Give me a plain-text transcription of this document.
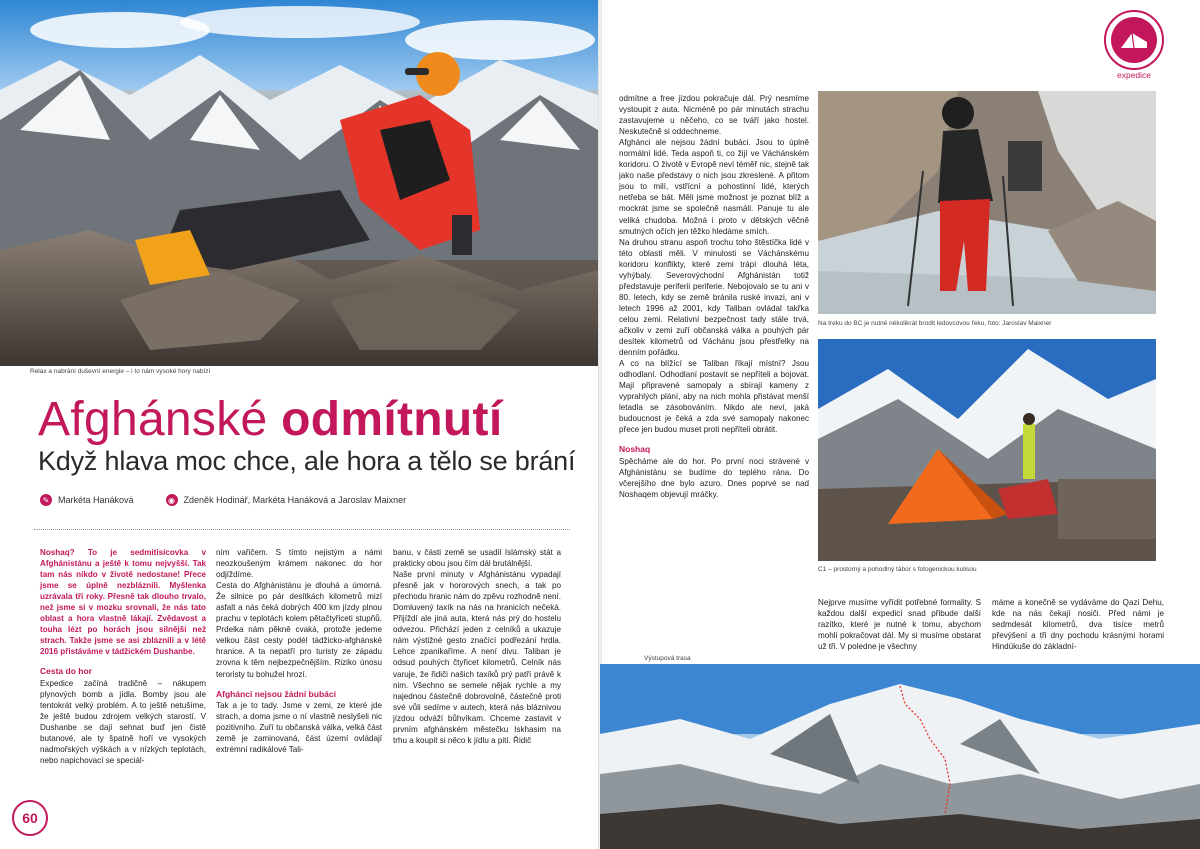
Relax a nabrání duševní energie – i to nám vysoké hory nabízí
Afghánské odmítnutí
Když hlava moc chce, ale hora a tělo se brání
✎ Markéta Hanáková	◉ Zdeněk Hodinář, Markéta Hanáková a Jaroslav Maixner

Noshaq? To je sedmitisícovka v Afghánistánu a ještě k tomu nejvyšší. Tak tam nás nikdo v životě nedostane! Přece jsme se úplně nezbláznili. Myšlenka uzrávala tři roky. Přesně tak dlouho trvalo, než jsme si v mozku srovnali, že nás tato oblast a hora vlastně lákají. Zvědavost a touha lézt po horách jsou silnější než strach. Takže jsme se asi zbláznili a v létě 2016 přistáváme v tádžickém Dushanbe.

Cesta do hor

Expedice začíná tradičně – nákupem plynových bomb a jídla. Bomby jsou ale tentokrát velký problém. A to ještě netušíme, že ještě budou zdrojem velkých starostí. V Dushanbe se dají sehnat buď jen čistě butanové, ale ty špatně hoří ve vysokých nadmořských výškách a v nízkých teplotách, nebo napichovací se speciál-

ním vařičem. S tímto nejistým a námi neozkoušeným krámem nakonec do hor odjíždíme.

Cesta do Afghánistánu je dlouhá a úmorná. Že silnice po pár desítkách kilometrů mizí asfalt a nás čeká dobrých 400 km jízdy plnou prachu v teplotách kolem pětačtyřiceti stupňů. Prdelka nám pěkně cvaká, protože jedeme velkou část cesty podél tádžicko-afghánské hranice. A ta nepatří pro turisty ze západu zrovna k těm nejbezpečnějším. Riziko únosu teroristy tu bohužel hrozí.

Afghánci nejsou žádní bubáci

Tak a je to tady. Jsme v zemi, ze které jde strach, a doma jsme o ní vlastně neslyšeli nic pozitivního. Zuří tu občanská válka, velká část země je zaminovaná, část území ovládají extrémní radikálové Tali-

banu, v části země se usadil Islámský stát a prakticky obou jsou čím dál brutálnější.

Naše první minuty v Afghánistánu vypadají přesně jak v hororových snech, a tak po přechodu hranic nám do zpěvu rozhodně není. Domluvený taxík na nás na hranicích nečeká. Přijíždí ale jiná auta, která nás prý do hostelu odvezou. Přichází jeden z celníků a ukazuje nám výstižné gesto značící podřezání hrdla. Lehce zpanikaříme. A není divu. Taliban je odsud pouhých čtyřicet kilometrů. Celník nás varuje, že řidiči našich taxíků prý patří právě k nim. Všechno se semele nějak rychle a my najednou částečně dobrovolně, částečně proti své vůli sedíme v autech, která nás bláznivou jízdou odváží bůhvíkam. Chceme zastavit v prvním afghánském městečku Iskhasim na trhu a koupit si něco k jídlu a pití. Řidič

60
expedice

odmítne a free jízdou pokračuje dál. Prý nesmíme vystoupit z auta. Nicméně po pár minutách strachu zastavujeme u něčeho, co se tváří jako hostel. Neskutečně si oddechneme.

Afghánci ale nejsou žádní bubáci. Jsou to úplně normální lidé. Teda aspoň ti, co žijí ve Váchánském koridoru. O životě v Evropě neví téměř nic, stejně tak jako naše představy o nich jsou zkreslené. A přitom jsou to milí, vstřícní a pohostinní lidé, kterých netřeba se bát. Měli jsme možnost je poznat blíž a mockrát jsme se společně nasmáli. Panuje tu ale veliká chudoba. Možná i proto v dětských věčně smutných očích jen těžko hledáme smích.

Na druhou stranu aspoň trochu toho štěstíčka lidé v této oblasti měli. V minulosti se Váchánskému koridoru konflikty, které zemi trápí dlouhá léta, vyhýbaly. Severovýchodní Afghánistán totiž představuje periferii periferie. Nebojovalo se tu ani v 80. letech, kdy se země bránila ruské invazi, ani v letech 1996 až 2001, kdy Taliban ovládal takřka celou zemi. Relativní bezpečnost tady stále trvá, ačkoliv v zemi zuří občanská válka a pouhých pár desítek kilometrů od Váchánu jsou přestřelky na denním pořádku.

A co na blížící se Taliban říkají místní? Jsou odhodlaní. Odhodlaní postavit se nepříteli a bojovat. Mají připravené samopaly a sbírají kameny z vyprahlých plání, aby na nich mohla přistávat menší letadla se zásobováním. Nikdo ale neví, jaká budoucnost je čeká a zda své samopaly nakonec přece jen budou muset proti nepříteli obrátit.

Noshaq

Spěcháme ale do hor. Po první noci strávené v Afghánistánu se budíme do teplého rána. Do včerejšího dne bylo azuro. Dnes poprvé se nad Noshaqem objevují mráčky.

Na treku do BC je nutné několikrát brodit ledovcovou řeku, foto: Jaroslav Maixner
C1 – prostorný a pohodlný tábor s fotogenickou kulisou

Nejprve musíme vyřídit potřebné formality. S každou další expedicí snad přibude další razítko, které je nutné k tomu, abychom mohli pokračovat dál. My si musíme obstarat už tři. V poledne je všechny

máme a konečně se vydáváme do Qazi Dehu, kde na nás čekají nosiči. Před námi je sedmdesát kilometrů, dva tisíce metrů převýšení a tři dny pochodu krásnými horami Hindúkuše do základní-

Výstupová trasa
